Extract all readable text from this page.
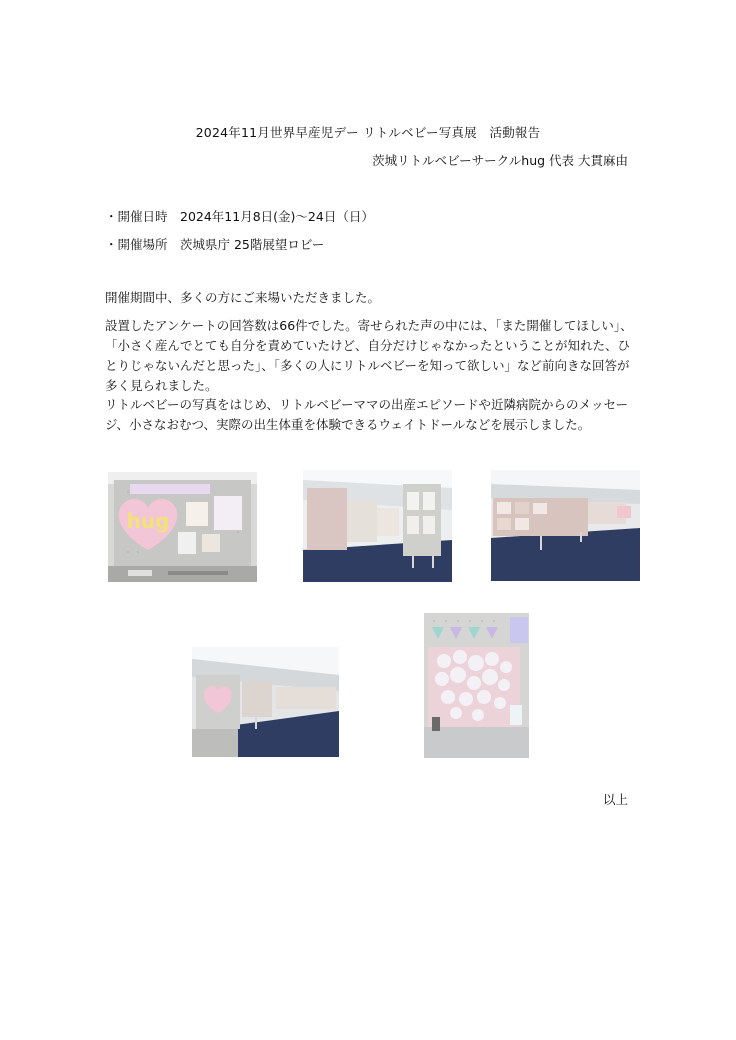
2024年11月世界早産児デー リトルベビー写真展　活動報告
茨城リトルベビーサークルhug 代表 大貫麻由
・開催日時　2024年11月8日(金)～24日（日）
・開催場所　茨城県庁 25階展望ロビー
開催期間中、多くの方にご来場いただきました。
設置したアンケートの回答数は66件でした。寄せられた声の中には、「また開催してほしい」、「小さく産んでとても自分を責めていたけど、自分だけじゃなかったということが知れた、ひとりじゃないんだと思った」、「多くの人にリトルベビーを知って欲しい」など前向きな回答が多く見られました。
リトルベビーの写真をはじめ、リトルベビーママの出産エピソードや近隣病院からのメッセージ、小さなおむつ、実際の出生体重を体験できるウェイトドールなどを展示しました。
hug
以上
